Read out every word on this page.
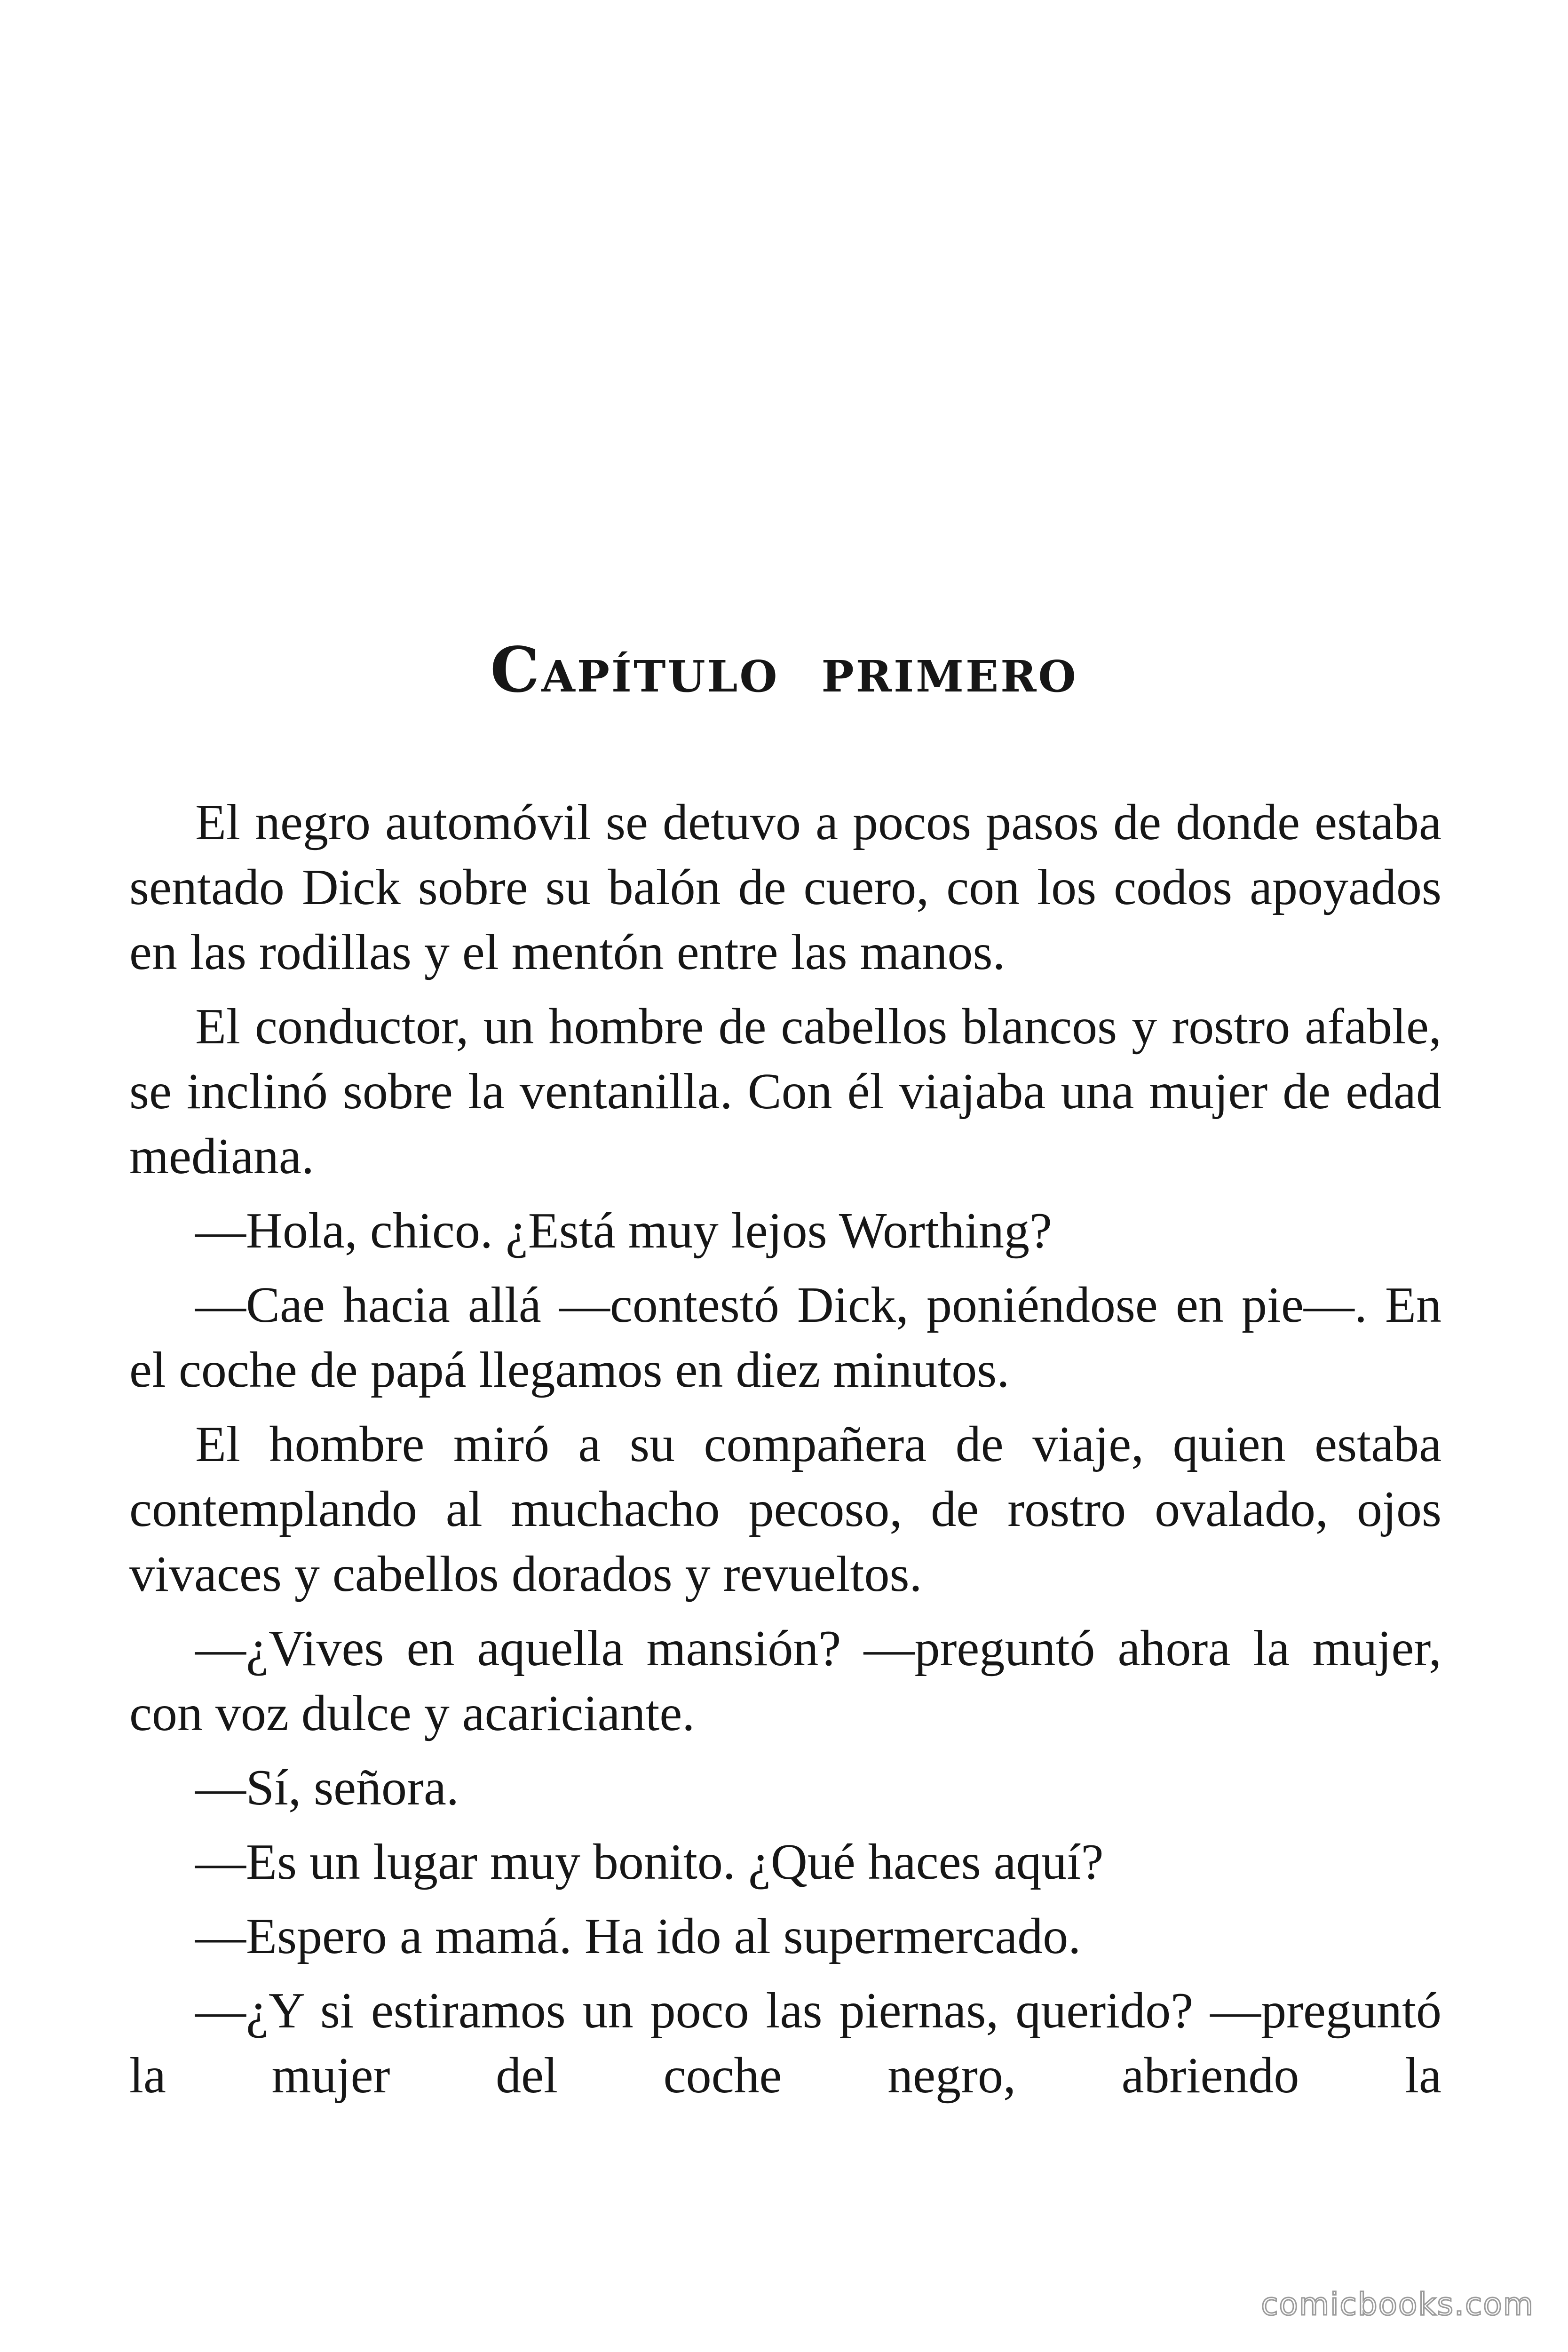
Capítulo primero

El negro automóvil se detuvo a pocos pasos de donde estaba sentado Dick sobre su balón de cuero, con los codos apoyados en las rodillas y el mentón entre las manos.

El conductor, un hombre de cabellos blancos y rostro afable, se inclinó sobre la ventanilla. Con él viajaba una mujer de edad mediana.

—Hola, chico. ¿Está muy lejos Worthing?

—Cae hacia allá —contestó Dick, poniéndose en pie—. En el coche de papá llegamos en diez minutos.

El hombre miró a su compañera de viaje, quien estaba contemplando al muchacho pecoso, de rostro ovalado, ojos vivaces y cabellos dorados y revueltos.

—¿Vives en aquella mansión? —preguntó ahora la mujer, con voz dulce y acariciante.

—Sí, señora.

—Es un lugar muy bonito. ¿Qué haces aquí?

—Espero a mamá. Ha ido al supermercado.

—¿Y si estiramos un poco las piernas, querido? —preguntó la mujer del coche negro, abriendo la

comicbooks.com
